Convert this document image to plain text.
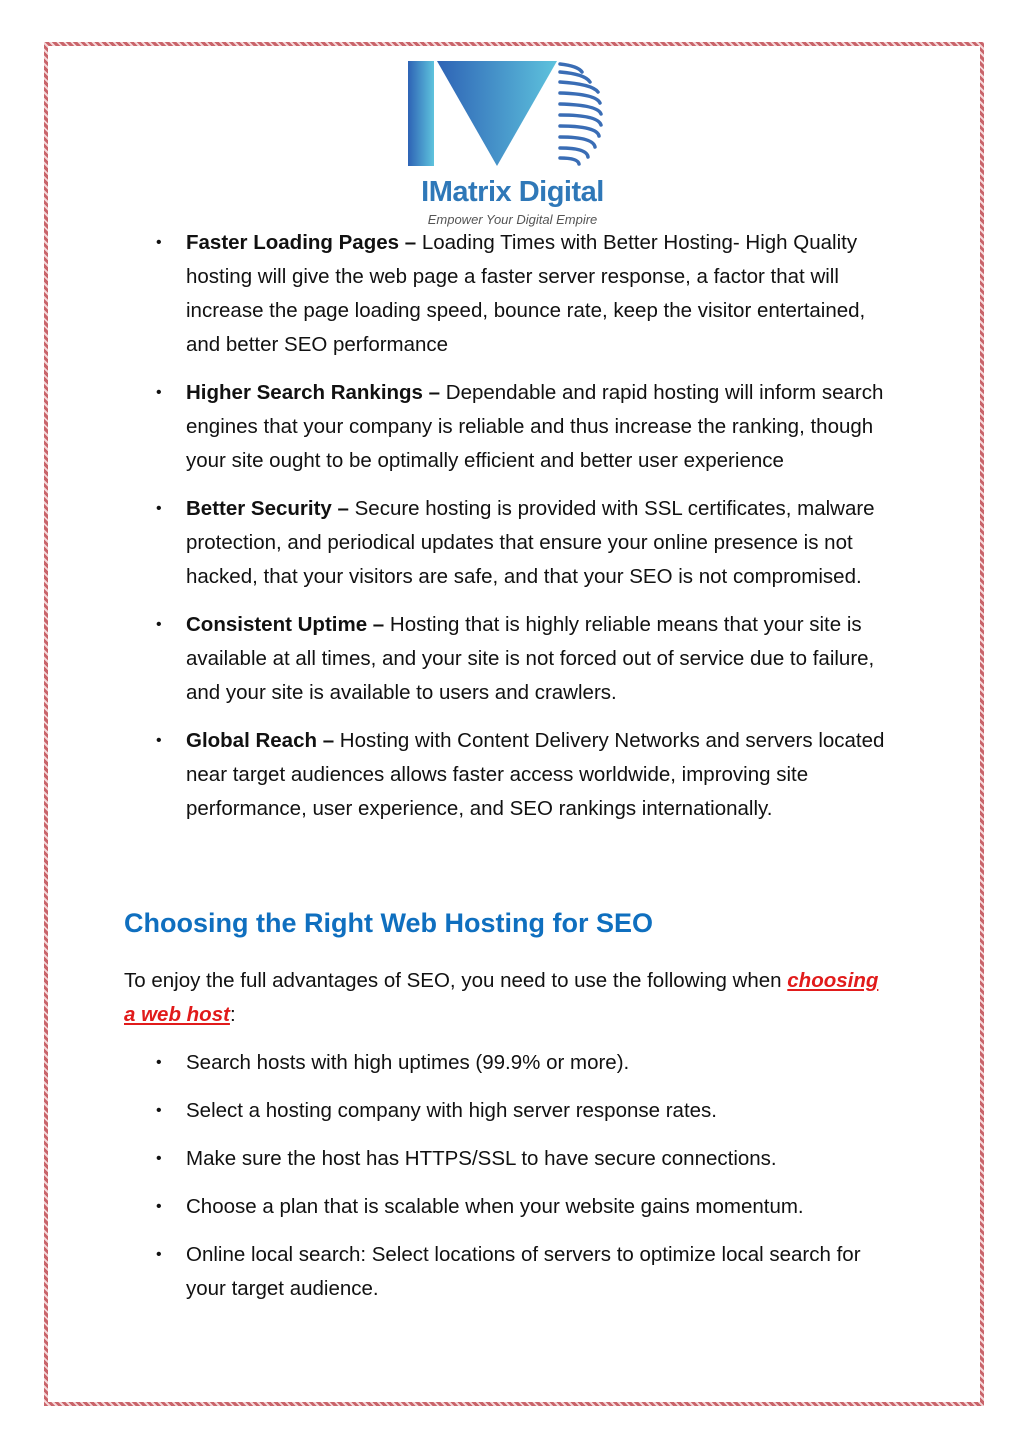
IMatrix Digital
Empower Your Digital Empire
• Faster Loading Pages – Loading Times with Better Hosting- High Quality hosting will give the web page a faster server response, a factor that will increase the page loading speed, bounce rate, keep the visitor entertained, and better SEO performance
• Higher Search Rankings – Dependable and rapid hosting will inform search engines that your company is reliable and thus increase the ranking, though your site ought to be optimally efficient and better user experience
• Better Security – Secure hosting is provided with SSL certificates, malware protection, and periodical updates that ensure your online presence is not hacked, that your visitors are safe, and that your SEO is not compromised.
• Consistent Uptime – Hosting that is highly reliable means that your site is available at all times, and your site is not forced out of service due to failure, and your site is available to users and crawlers.
• Global Reach – Hosting with Content Delivery Networks and servers located near target audiences allows faster access worldwide, improving site performance, user experience, and SEO rankings internationally.
Choosing the Right Web Hosting for SEO
To enjoy the full advantages of SEO, you need to use the following when choosing a web host:
• Search hosts with high uptimes (99.9% or more).
• Select a hosting company with high server response rates.
• Make sure the host has HTTPS/SSL to have secure connections.
• Choose a plan that is scalable when your website gains momentum.
• Online local search: Select locations of servers to optimize local search for your target audience.
